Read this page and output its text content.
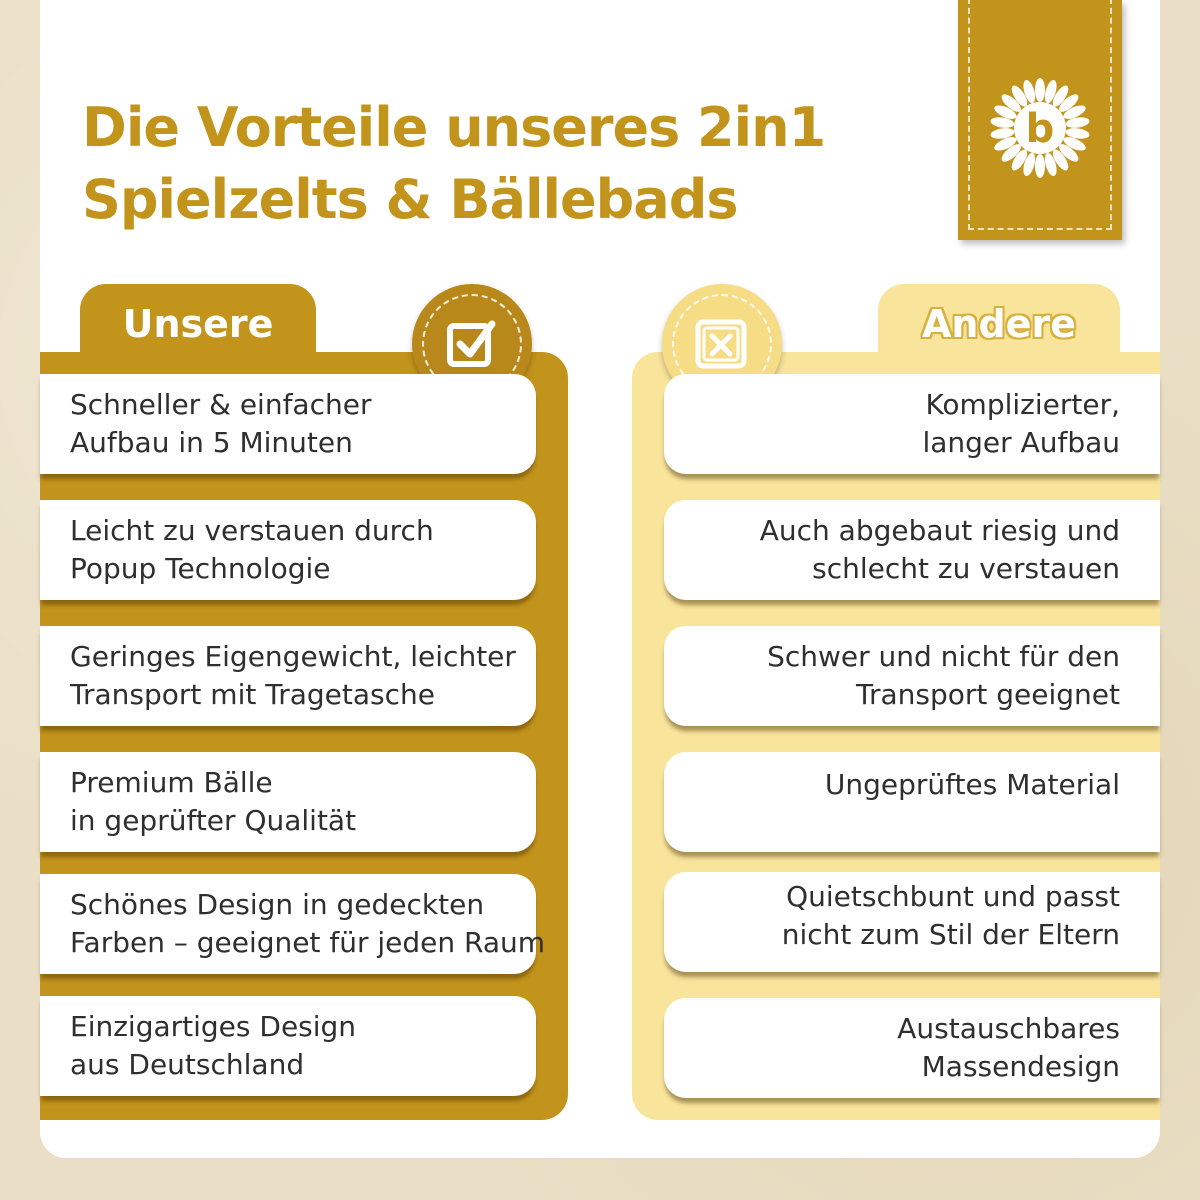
Die Vorteile unseres 2in1
Spielzelts & Bällebads
b
Unsere	Andere
Schneller & einfacher
Aufbau in 5 Minuten
Leicht zu verstauen durch
Popup Technologie
Geringes Eigengewicht, leichter
Transport mit Tragetasche
Premium Bälle
in geprüfter Qualität
Schönes Design in gedeckten
Farben – geeignet für jeden Raum
Einzigartiges Design
aus Deutschland
Komplizierter,
langer Aufbau
Auch abgebaut riesig und
schlecht zu verstauen
Schwer und nicht für den
Transport geeignet
Ungeprüftes Material
Quietschbunt und passt
nicht zum Stil der Eltern
Austauschbares
Massendesign
